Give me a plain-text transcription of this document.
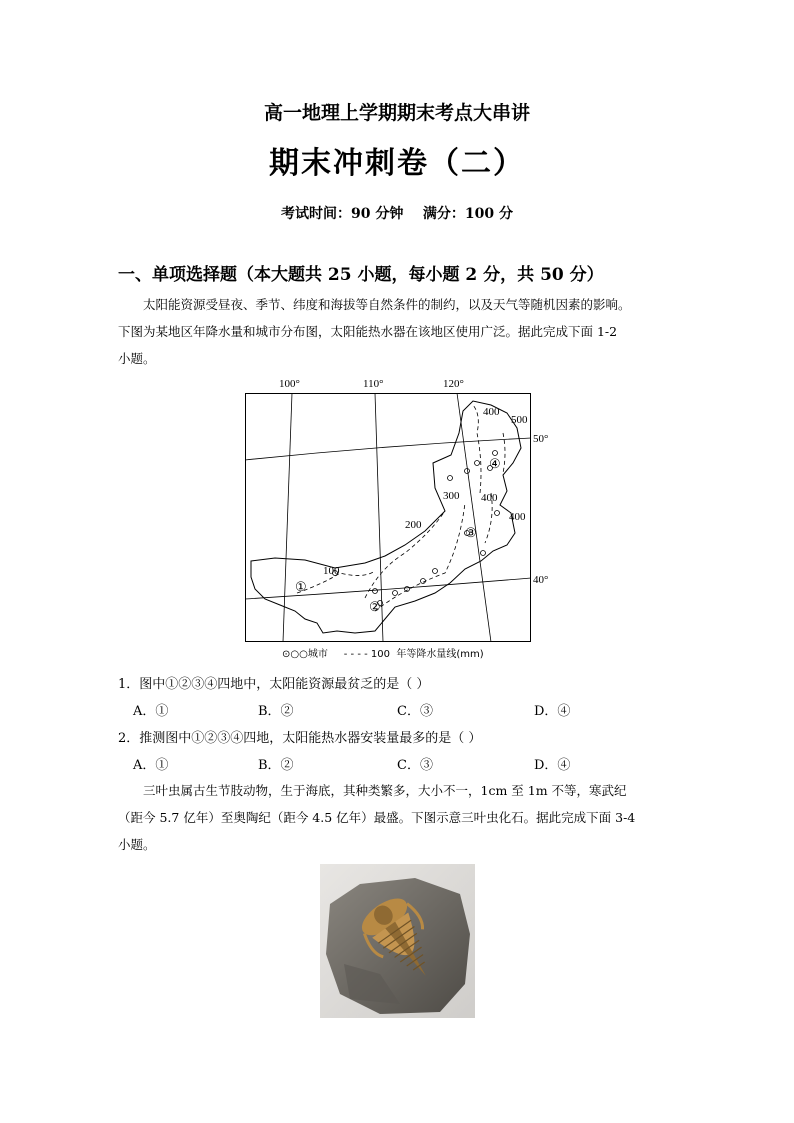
高一地理上学期期末考点大串讲
期末冲刺卷（二）
考试时间：90 分钟    满分：100 分
一、单项选择题（本大题共 25 小题，每小题 2 分，共 50 分）

太阳能资源受昼夜、季节、纬度和海拔等自然条件的制约，以及天气等随机因素的影响。

下图为某地区年降水量和城市分布图，太阳能热水器在该地区使用广泛。据此完成下面 1-2

小题。

100°	110°	120°
50°
40°
100
200
300 400
400
400
500
①
②
③
④
⊙○○城市 - - - - 100  年等降水量线(mm)
1．图中①②③④四地中，太阳能资源最贫乏的是（ ）
A．①	B．②	C．③	D．④
2．推测图中①②③④四地，太阳能热水器安装量最多的是（ ）
A．①	B．②	C．③	D．④

三叶虫属古生节肢动物，生于海底，其种类繁多，大小不一，1cm 至 1m 不等，寒武纪

（距今 5.7 亿年）至奥陶纪（距今 4.5 亿年）最盛。下图示意三叶虫化石。据此完成下面 3-4

小题。
